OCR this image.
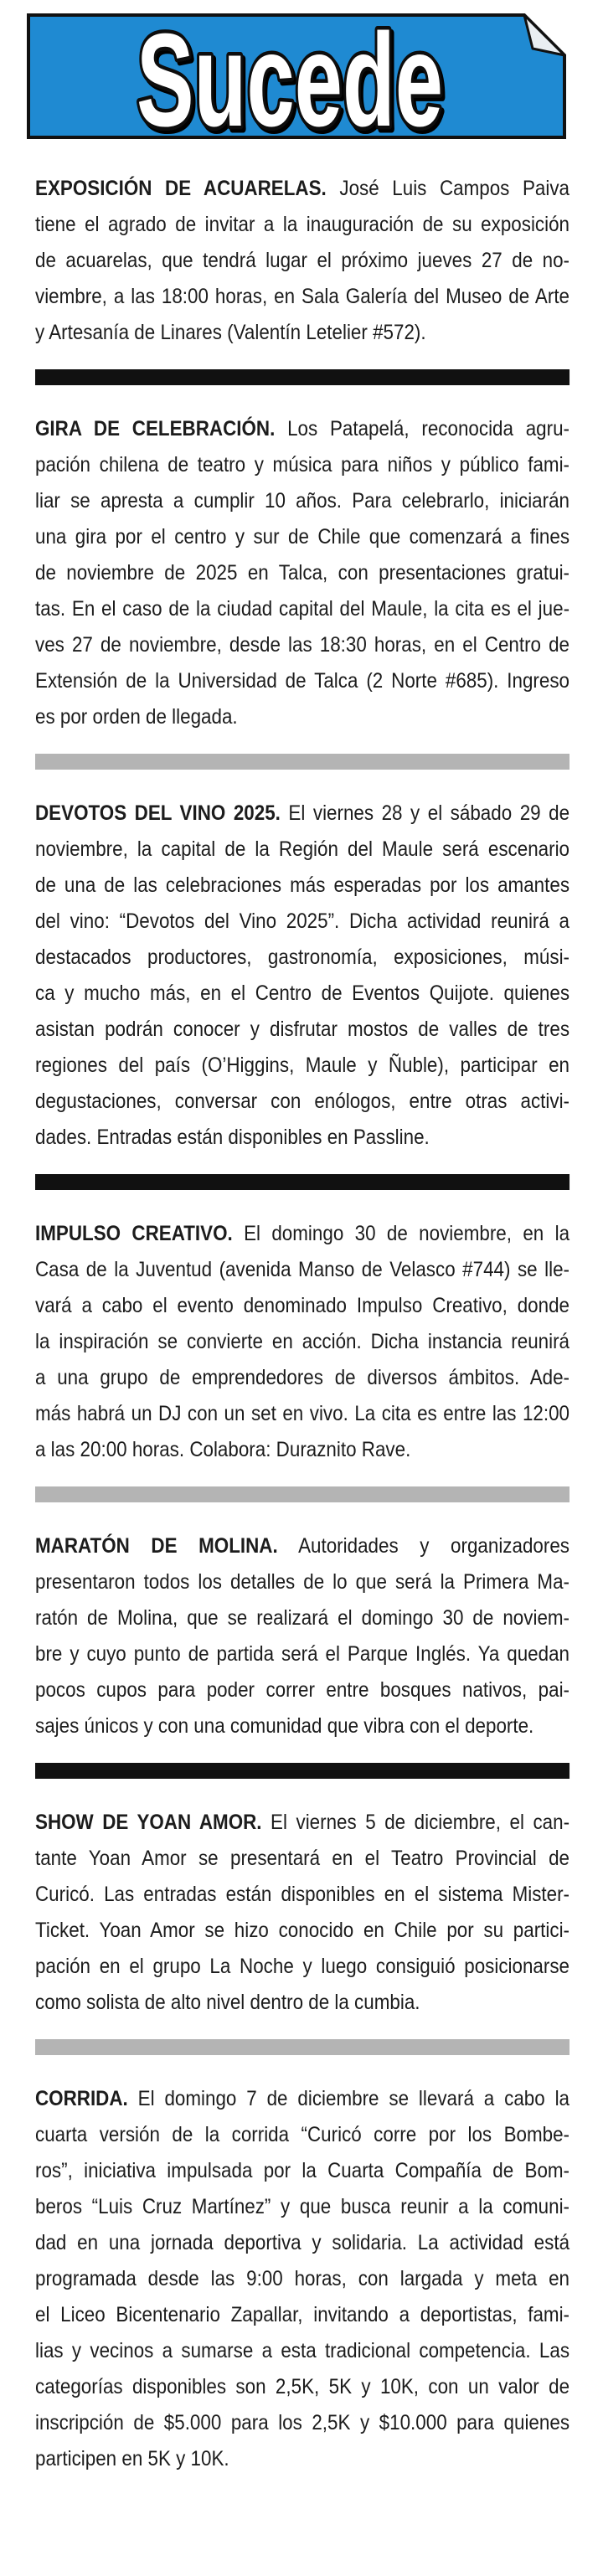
Sucede
EXPOSICIÓN DE ACUARELAS. José Luis Campos Paiva
tiene el agrado de invitar a la inauguración de su exposición
de acuarelas, que tendrá lugar el próximo jueves 27 de no-
viembre, a las 18:00 horas, en Sala Galería del Museo de Arte
y Artesanía de Linares (Valentín Letelier #572).
GIRA DE CELEBRACIÓN. Los Patapelá, reconocida agru-
pación chilena de teatro y música para niños y público fami-
liar se apresta a cumplir 10 años. Para celebrarlo, iniciarán
una gira por el centro y sur de Chile que comenzará a fines
de noviembre de 2025 en Talca, con presentaciones gratui-
tas. En el caso de la ciudad capital del Maule, la cita es el jue-
ves 27 de noviembre, desde las 18:30 horas, en el Centro de
Extensión de la Universidad de Talca (2 Norte #685). Ingreso
es por orden de llegada.
DEVOTOS DEL VINO 2025. El viernes 28 y el sábado 29 de
noviembre, la capital de la Región del Maule será escenario
de una de las celebraciones más esperadas por los amantes
del vino: “Devotos del Vino 2025”. Dicha actividad reunirá a
destacados productores, gastronomía, exposiciones, músi-
ca y mucho más, en el Centro de Eventos Quijote. quienes
asistan podrán conocer y disfrutar mostos de valles de tres
regiones del país (O’Higgins, Maule y Ñuble), participar en
degustaciones, conversar con enólogos, entre otras activi-
dades. Entradas están disponibles en Passline.
IMPULSO CREATIVO. El domingo 30 de noviembre, en la
Casa de la Juventud (avenida Manso de Velasco #744) se lle-
vará a cabo el evento denominado Impulso Creativo, donde
la inspiración se convierte en acción. Dicha instancia reunirá
a una grupo de emprendedores de diversos ámbitos. Ade-
más habrá un DJ con un set en vivo. La cita es entre las 12:00
a las 20:00 horas. Colabora: Duraznito Rave.
MARATÓN DE MOLINA. Autoridades y organizadores
presentaron todos los detalles de lo que será la Primera Ma-
ratón de Molina, que se realizará el domingo 30 de noviem-
bre y cuyo punto de partida será el Parque Inglés. Ya quedan
pocos cupos para poder correr entre bosques nativos, pai-
sajes únicos y con una comunidad que vibra con el deporte.
SHOW DE YOAN AMOR. El viernes 5 de diciembre, el can-
tante Yoan Amor se presentará en el Teatro Provincial de
Curicó. Las entradas están disponibles en el sistema Mister-
Ticket. Yoan Amor se hizo conocido en Chile por su partici-
pación en el grupo La Noche y luego consiguió posicionarse
como solista de alto nivel dentro de la cumbia.
CORRIDA. El domingo 7 de diciembre se llevará a cabo la
cuarta versión de la corrida “Curicó corre por los Bombe-
ros”, iniciativa impulsada por la Cuarta Compañía de Bom-
beros “Luis Cruz Martínez” y que busca reunir a la comuni-
dad en una jornada deportiva y solidaria. La actividad está
programada desde las 9:00 horas, con largada y meta en
el Liceo Bicentenario Zapallar, invitando a deportistas, fami-
lias y vecinos a sumarse a esta tradicional competencia. Las
categorías disponibles son 2,5K, 5K y 10K, con un valor de
inscripción de $5.000 para los 2,5K y $10.000 para quienes
participen en 5K y 10K.
